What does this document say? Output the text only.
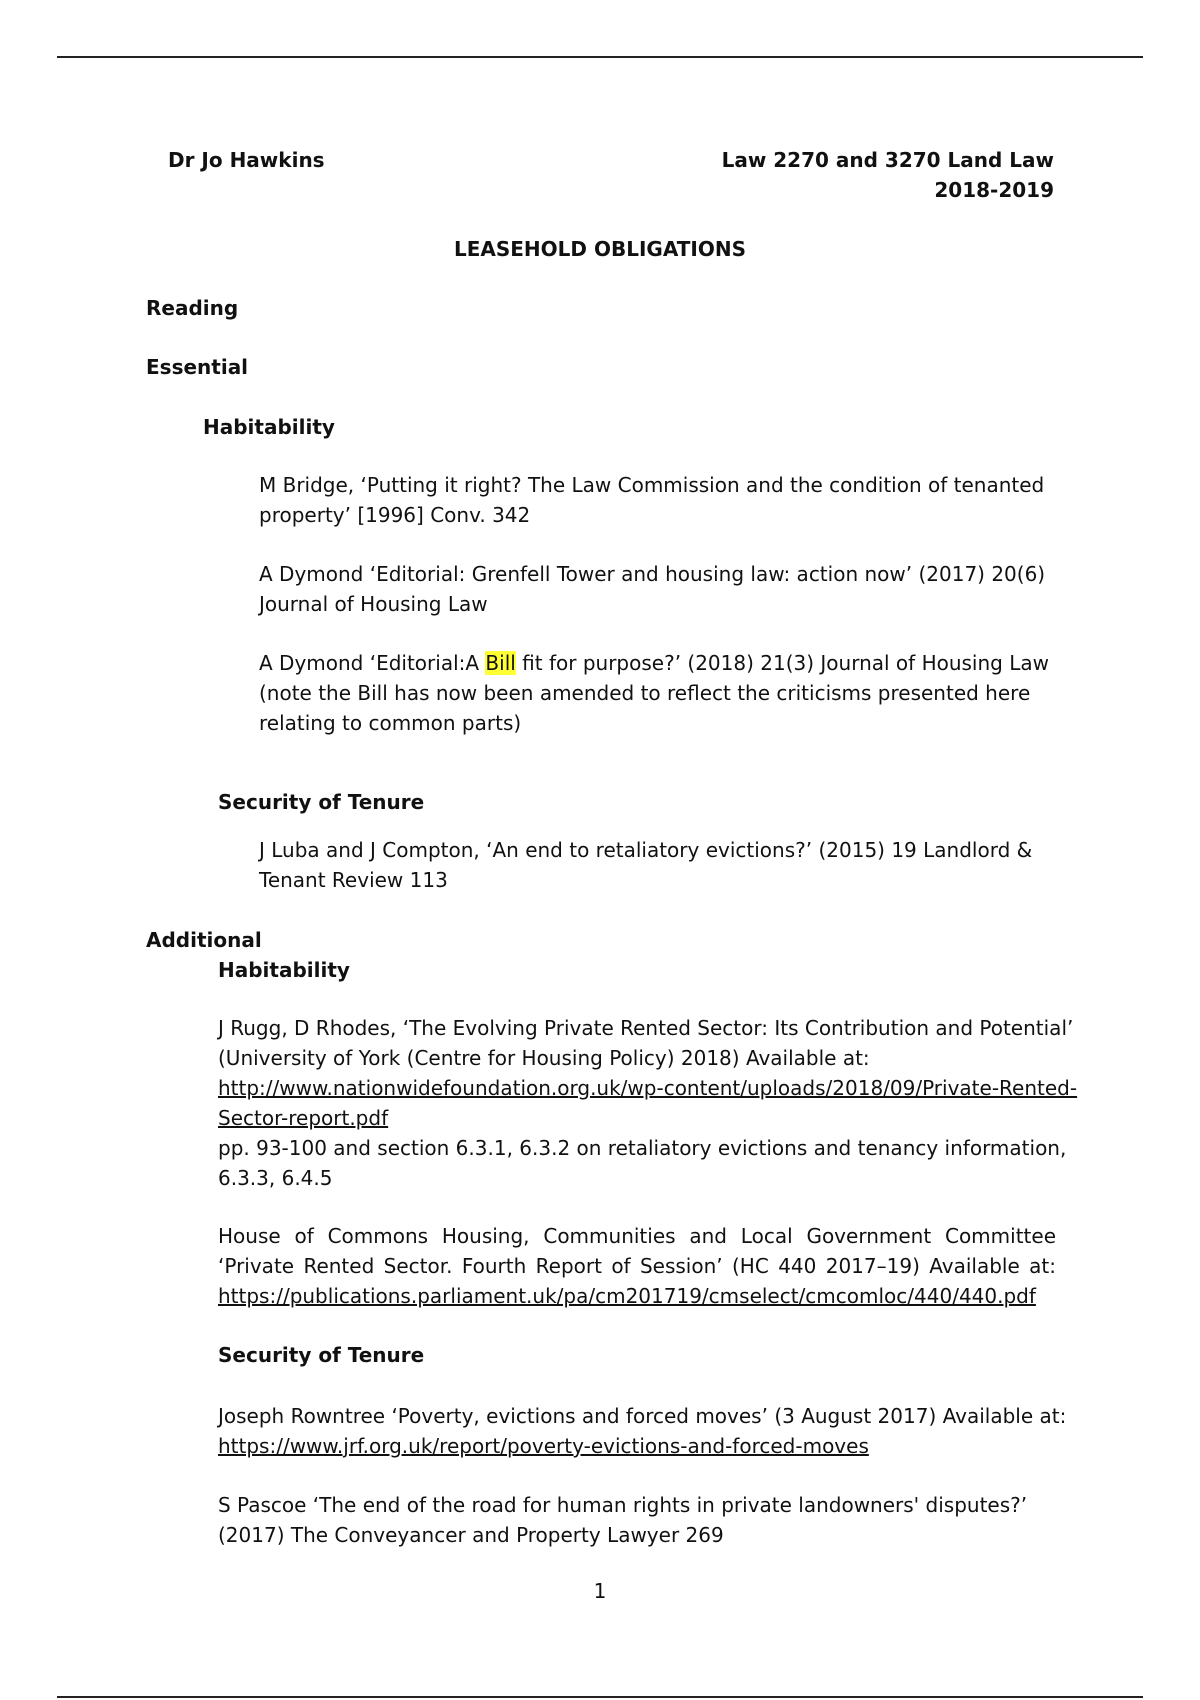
Dr Jo Hawkins	Law 2270 and 3270 Land Law
2018-2019

LEASEHOLD OBLIGATIONS

Reading

Essential

Habitability

M Bridge, ‘Putting it right? The Law Commission and the condition of tenanted property’ [1996] Conv. 342

A Dymond ‘Editorial: Grenfell Tower and housing law: action now’ (2017) 20(6) Journal of Housing Law

A Dymond ‘Editorial:A Bill fit for purpose?’ (2018) 21(3) Journal of Housing Law (note the Bill has now been amended to reflect the criticisms presented here relating to common parts)

Security of Tenure

J Luba and J Compton, ‘An end to retaliatory evictions?’ (2015) 19 Landlord & Tenant Review 113

Additional

Habitability

J Rugg, D Rhodes, ‘The Evolving Private Rented Sector: Its Contribution and Potential’ (University of York (Centre for Housing Policy) 2018) Available at: http://www.nationwidefoundation.org.uk/wp-content/uploads/2018/09/Private-Rented-Sector-report.pdf
pp. 93-100 and section 6.3.1, 6.3.2 on retaliatory evictions and tenancy information, 6.3.3, 6.4.5

House of Commons Housing, Communities and Local Government Committee ‘Private Rented Sector. Fourth Report of Session’ (HC 440 2017–19) Available at: https://publications.parliament.uk/pa/cm201719/cmselect/cmcomloc/440/440.pdf

Security of Tenure

Joseph Rowntree ‘Poverty, evictions and forced moves’ (3 August 2017) Available at: https://www.jrf.org.uk/report/poverty-evictions-and-forced-moves

S Pascoe ‘The end of the road for human rights in private landowners' disputes?’ (2017) The Conveyancer and Property Lawyer 269

1
